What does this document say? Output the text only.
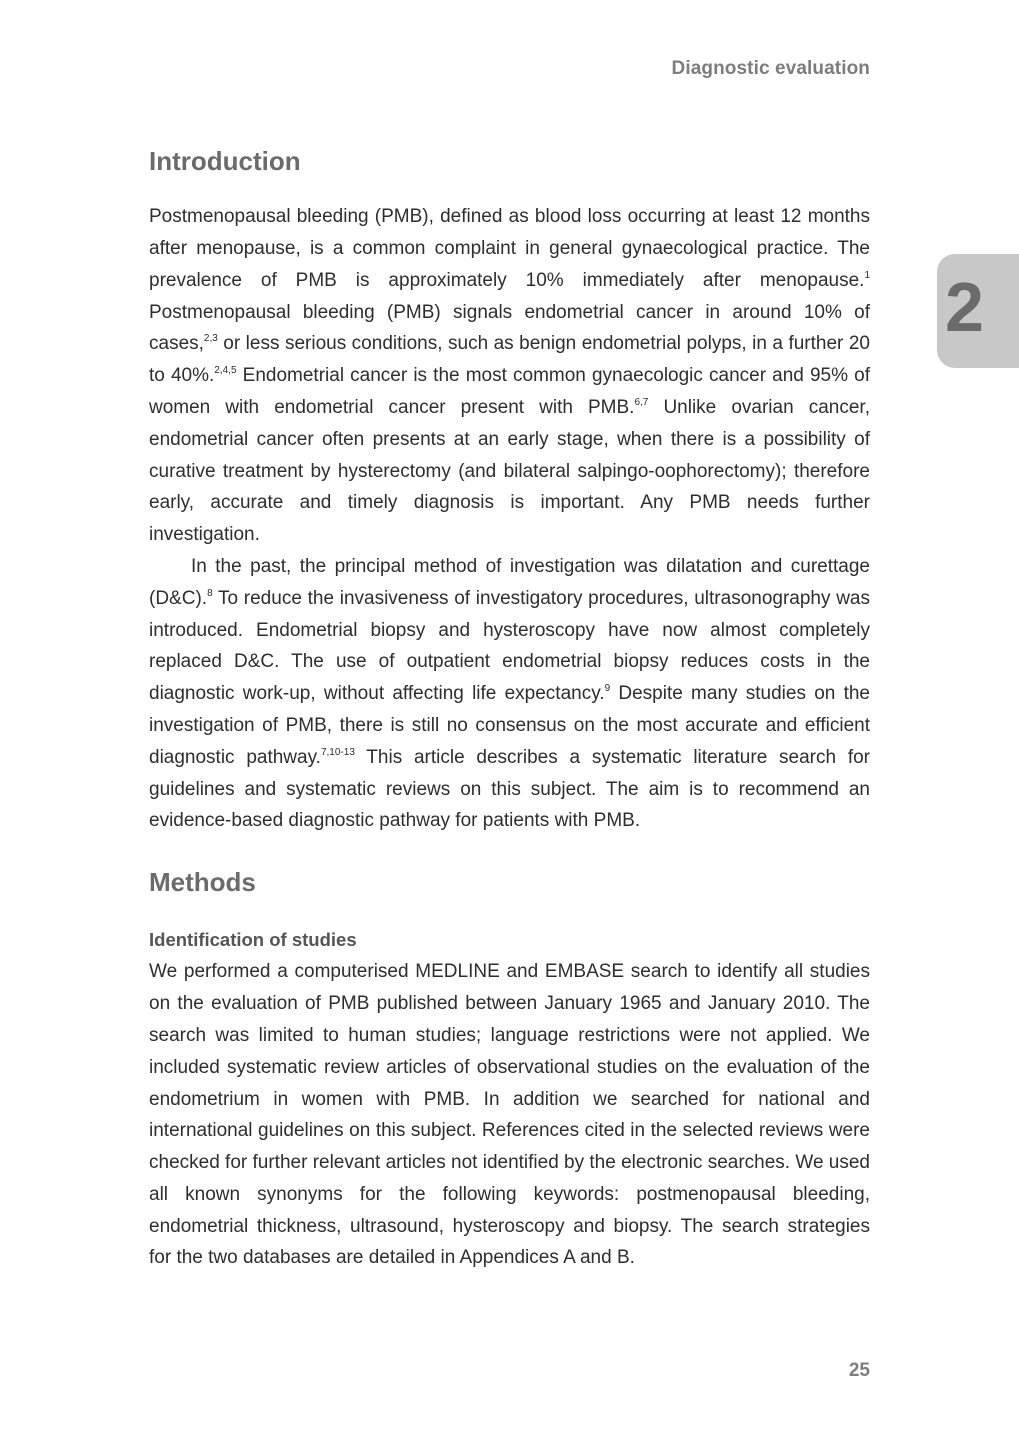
Diagnostic evaluation
2
Introduction

Postmenopausal bleeding (PMB), defined as blood loss occurring at least 12 months after menopause, is a common complaint in general gynaecological practice. The prevalence of PMB is approximately 10% immediately after menopause.$^1$ Postmenopausal bleeding (PMB) signals endometrial cancer in around 10% of cases,$^{2,3}$ or less serious conditions, such as benign endometrial polyps, in a further 20 to 40%.$^{2,4,5}$ Endometrial cancer is the most common gynaecologic cancer and 95% of women with endometrial cancer present with PMB.$^{6,7}$ Unlike ovarian cancer, endometrial cancer often presents at an early stage, when there is a possibility of curative treatment by hysterectomy (and bilateral salpingo-oophorectomy); therefore early, accurate and timely diagnosis is important. Any PMB needs further investigation.

In the past, the principal method of investigation was dilatation and curettage (D&C).$^8$ To reduce the invasiveness of investigatory procedures, ultrasonography was introduced. Endometrial biopsy and hysteroscopy have now almost completely replaced D&C. The use of outpatient endometrial biopsy reduces costs in the diagnostic work-up, without affecting life expectancy.$^9$ Despite many studies on the investigation of PMB, there is still no consensus on the most accurate and efficient diagnostic pathway.$^{7,10-13}$ This article describes a systematic literature search for guidelines and systematic reviews on this subject. The aim is to recommend an evidence-based diagnostic pathway for patients with PMB.

Methods
Identification of studies

We performed a computerised MEDLINE and EMBASE search to identify all studies on the evaluation of PMB published between January 1965 and January 2010. The search was limited to human studies; language restrictions were not applied. We included systematic review articles of observational studies on the evaluation of the endometrium in women with PMB. In addition we searched for national and international guidelines on this subject. References cited in the selected reviews were checked for further relevant articles not identified by the electronic searches. We used all known synonyms for the following keywords: postmenopausal bleeding, endometrial thickness, ultrasound, hysteroscopy and biopsy. The search strategies for the two databases are detailed in Appendices A and B.

25
